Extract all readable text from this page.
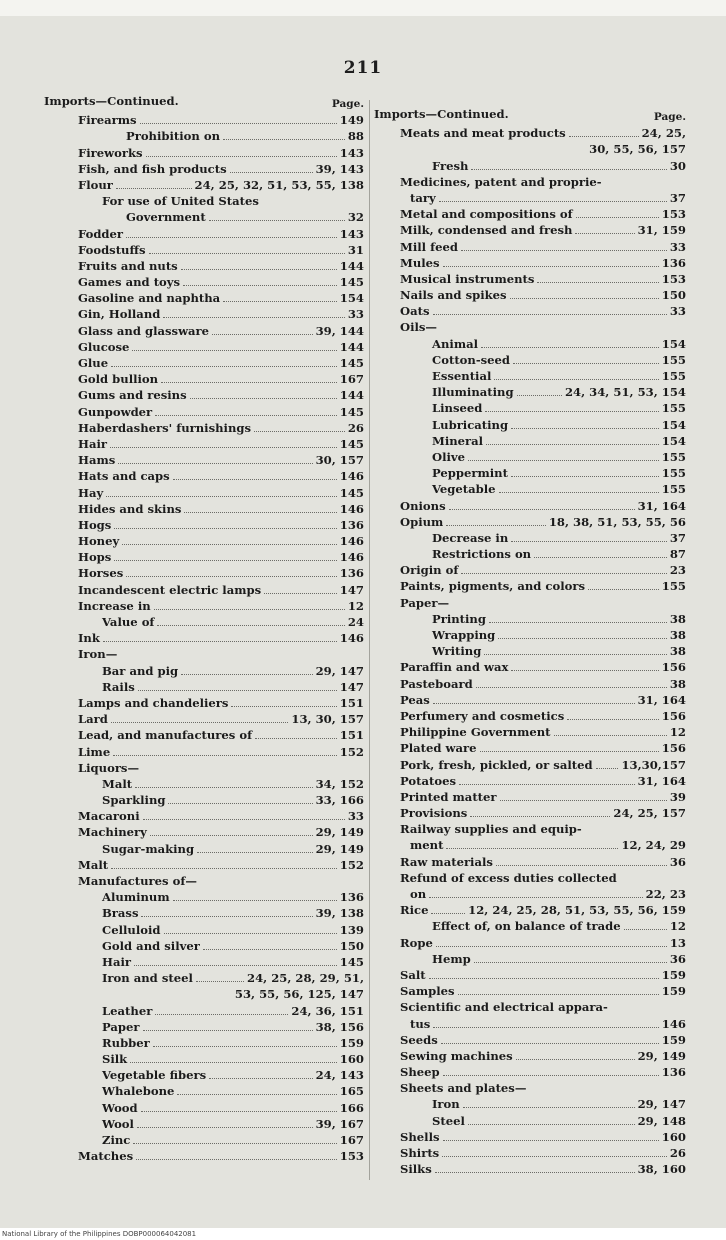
211
Imports—Continued.	Page.
Firearms	149
Prohibition on	88
Fireworks	143
Fish, and fish products	39, 143
Flour	24, 25, 32, 51, 53, 55, 138
For use of United States
Government	32
Fodder	143
Foodstuffs	31
Fruits and nuts	144
Games and toys	145
Gasoline and naphtha	154
Gin, Holland	33
Glass and glassware	39, 144
Glucose	144
Glue	145
Gold bullion	167
Gums and resins	144
Gunpowder	145
Haberdashers' furnishings	26
Hair	145
Hams	30, 157
Hats and caps	146
Hay	145
Hides and skins	146
Hogs	136
Honey	146
Hops	146
Horses	136
Incandescent electric lamps	147
Increase in	12
Value of	24
Ink	146
Iron—
Bar and pig	29, 147
Rails	147
Lamps and chandeliers	151
Lard	13, 30, 157
Lead, and manufactures of	151
Lime	152
Liquors—
Malt	34, 152
Sparkling	33, 166
Macaroni	33
Machinery	29, 149
Sugar-making	29, 149
Malt	152
Manufactures of—
Aluminum	136
Brass	39, 138
Celluloid	139
Gold and silver	150
Hair	145
Iron and steel	24, 25, 28, 29, 51,
53, 55, 56, 125, 147
Leather	24, 36, 151
Paper	38, 156
Rubber	159
Silk	160
Vegetable fibers	24, 143
Whalebone	165
Wood	166
Wool	39, 167
Zinc	167
Matches	153
Imports—Continued.	Page.
Meats and meat products	24, 25,
30, 55, 56, 157
Fresh	30
Medicines, patent and proprie-
tary	37
Metal and compositions of	153
Milk, condensed and fresh	31, 159
Mill feed	33
Mules	136
Musical instruments	153
Nails and spikes	150
Oats	33
Oils—
Animal	154
Cotton-seed	155
Essential	155
Illuminating	24, 34, 51, 53, 154
Linseed	155
Lubricating	154
Mineral	154
Olive	155
Peppermint	155
Vegetable	155
Onions	31, 164
Opium	18, 38, 51, 53, 55, 56
Decrease in	37
Restrictions on	87
Origin of	23
Paints, pigments, and colors	155
Paper—
Printing	38
Wrapping	38
Writing	38
Paraffin and wax	156
Pasteboard	38
Peas	31, 164
Perfumery and cosmetics	156
Philippine Government	12
Plated ware	156
Pork, fresh, pickled, or salted 13,30,157
Potatoes	31, 164
Printed matter	39
Provisions	24, 25, 157
Railway supplies and equip-
ment	12, 24, 29
Raw materials	36
Refund of excess duties collected
on	22, 23
Rice	12, 24, 25, 28, 51, 53, 55, 56, 159
Effect of, on balance of trade	12
Rope	13
Hemp	36
Salt	159
Samples	159
Scientific and electrical appara-
tus	146
Seeds	159
Sewing machines	29, 149
Sheep	136
Sheets and plates—
Iron	29, 147
Steel	29, 148
Shells	160
Shirts	26
Silks	38, 160
National Library of the Philippines DOBP000064042081
